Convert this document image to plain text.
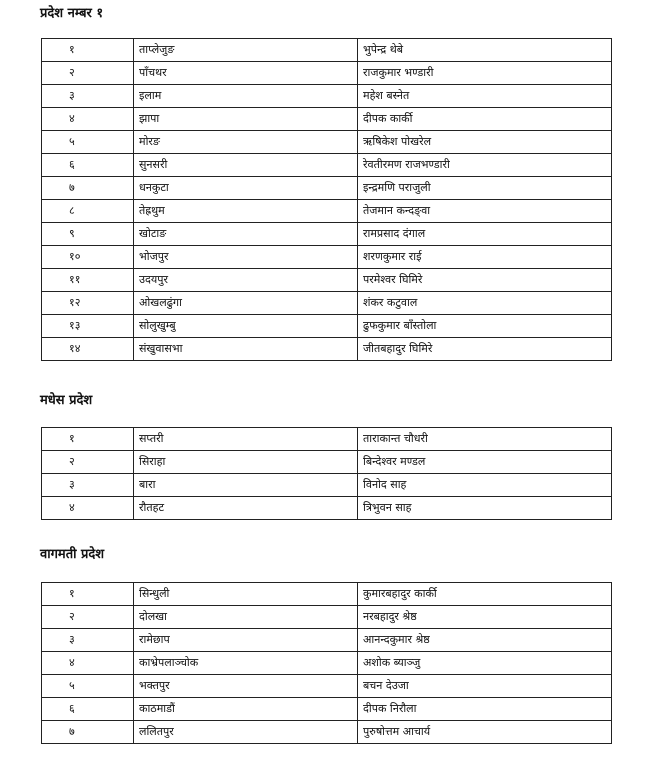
प्रदेश नम्बर १
१	ताप्लेजुङ	भुपेन्द्र थेबे
२	पाँचथर	राजकुमार भण्डारी
३	इलाम	महेश बस्नेत
४	झापा	दीपक कार्की
५	मोरङ	ऋषिकेश पोखरेल
६	सुनसरी	रेवतीरमण राजभण्डारी
७	धनकुटा	इन्द्रमणि पराजुली
८	तेह्रथुम	तेजमान कन्दङ्वा
९	खोटाङ	रामप्रसाद दंगाल
१०	भोजपुर	शरणकुमार राई
११	उदयपुर	परमेश्वर घिमिरे
१२	ओखलढुंगा	शंकर कटुवाल
१३	सोलुखुम्बु	ढुफकुमार बाँस्तोला
१४	संखुवासभा	जीतबहादुर घिमिरे
मधेस प्रदेश
१	सप्तरी	ताराकान्त चौधरी
२	सिराहा	बिन्देश्वर मण्डल
३	बारा	विनोद साह
४	रौतहट	त्रिभुवन साह
वागमती प्रदेश
१	सिन्धुली	कुमारबहादुर कार्की
२	दोलखा	नरबहादुर श्रेष्ठ
३	रामेछाप	आनन्दकुमार श्रेष्ठ
४	काभ्रेपलाञ्चोक	अशोक ब्याञ्जु
५	भक्तपुर	बचन देउजा
६	काठमाडौं	दीपक निरौला
७	ललितपुर	पुरुषोत्तम आचार्य
